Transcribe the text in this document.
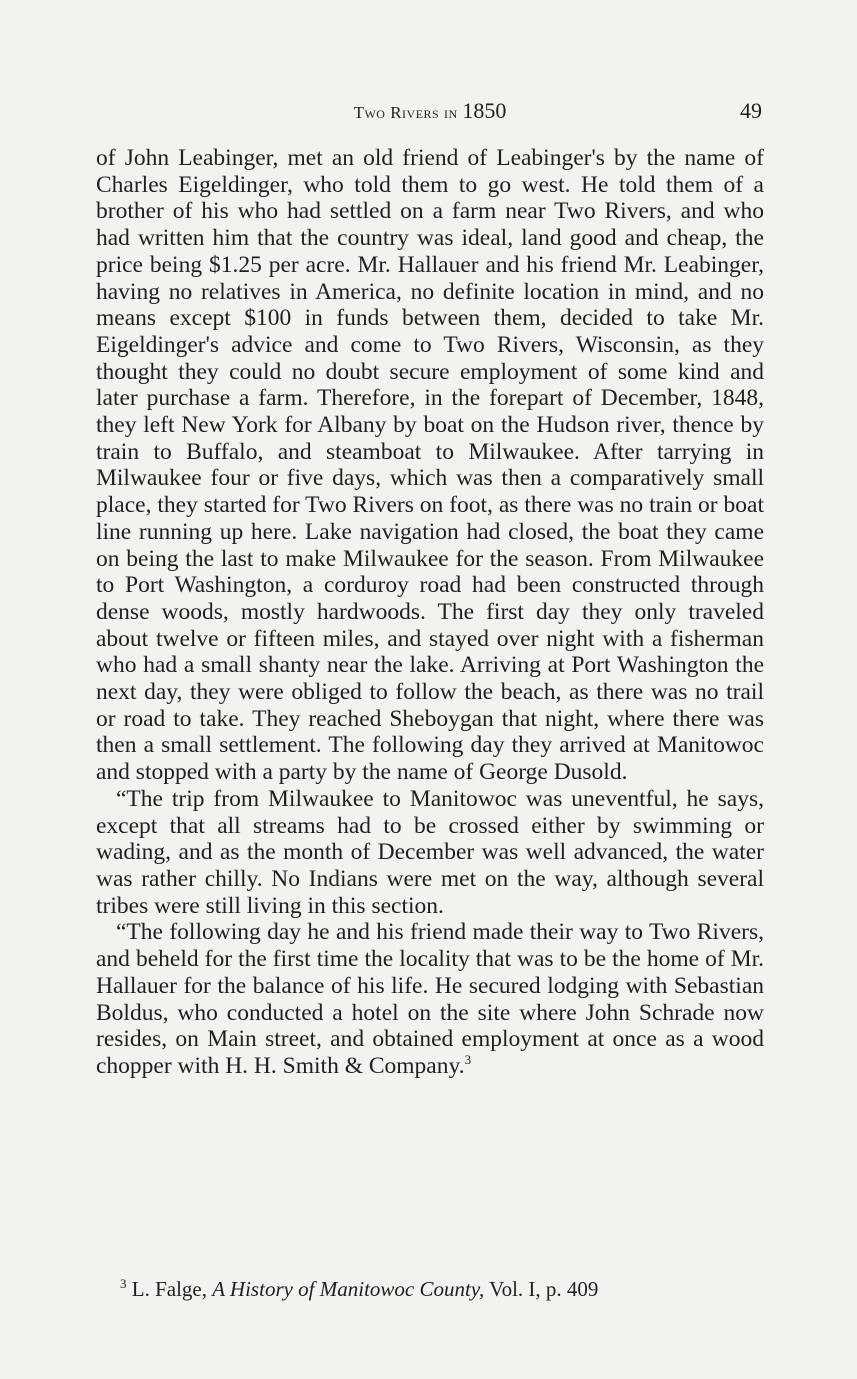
Two Rivers in 1850	49

of John Leabinger, met an old friend of Leabinger's by the name of Charles Eigeldinger, who told them to go west. He told them of a brother of his who had settled on a farm near Two Rivers, and who had written him that the country was ideal, land good and cheap, the price being $1.25 per acre. Mr. Hallauer and his friend Mr. Leabinger, having no relatives in America, no definite location in mind, and no means except $100 in funds between them, decided to take Mr. Eigeldinger's advice and come to Two Rivers, Wisconsin, as they thought they could no doubt secure employment of some kind and later purchase a farm. Therefore, in the forepart of December, 1848, they left New York for Albany by boat on the Hudson river, thence by train to Buffalo, and steamboat to Milwaukee. After tarrying in Milwaukee four or five days, which was then a comparatively small place, they started for Two Rivers on foot, as there was no train or boat line running up here. Lake navigation had closed, the boat they came on being the last to make Milwaukee for the season. From Milwaukee to Port Washington, a corduroy road had been constructed through dense woods, mostly hardwoods. The first day they only traveled about twelve or fifteen miles, and stayed over night with a fisherman who had a small shanty near the lake. Arriving at Port Washington the next day, they were obliged to follow the beach, as there was no trail or road to take. They reached Sheboygan that night, where there was then a small settlement. The following day they arrived at Manitowoc and stopped with a party by the name of George Dusold.

“The trip from Milwaukee to Manitowoc was uneventful, he says, except that all streams had to be crossed either by swimming or wading, and as the month of December was well advanced, the water was rather chilly. No Indians were met on the way, although several tribes were still living in this section.

“The following day he and his friend made their way to Two Rivers, and beheld for the first time the locality that was to be the home of Mr. Hallauer for the balance of his life. He secured lodging with Sebastian Boldus, who conducted a hotel on the site where John Schrade now resides, on Main street, and obtained employment at once as a wood chopper with H. H. Smith & Company.$^3$

$^3$ L. Falge, A History of Manitowoc County, Vol. I, p. 409
